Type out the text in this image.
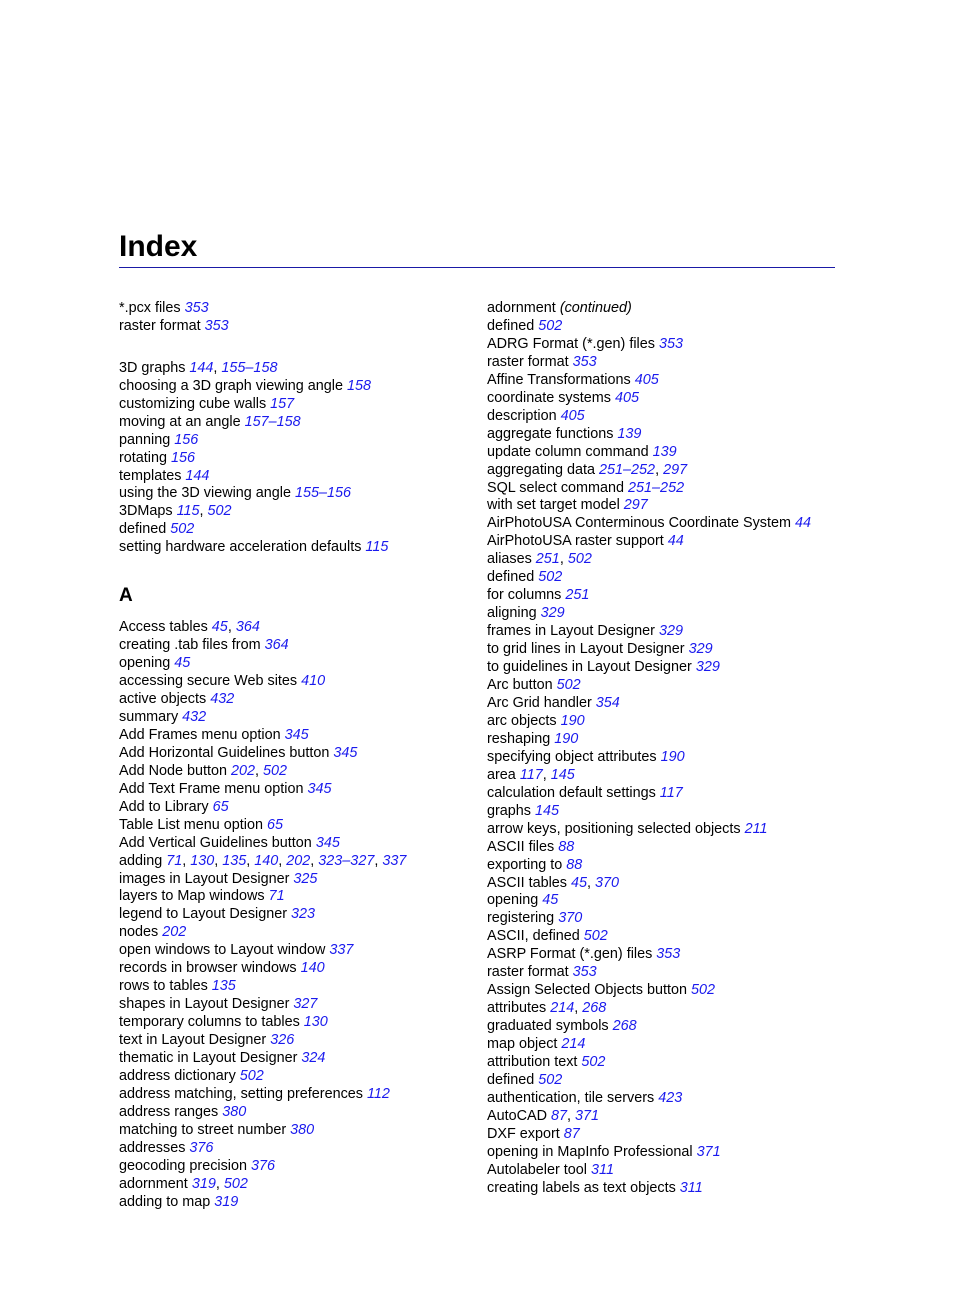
Index
*.pcx files 353
raster format 353
3D graphs 144, 155–158
choosing a 3D graph viewing angle 158
customizing cube walls 157
moving at an angle 157–158
panning 156
rotating 156
templates 144
using the 3D viewing angle 155–156
3DMaps 115, 502
defined 502
setting hardware acceleration defaults 115
A
Access tables 45, 364
creating .tab files from 364
opening 45
accessing secure Web sites 410
active objects 432
summary 432
Add Frames menu option 345
Add Horizontal Guidelines button 345
Add Node button 202, 502
Add Text Frame menu option 345
Add to Library 65
Table List menu option 65
Add Vertical Guidelines button 345
adding 71, 130, 135, 140, 202, 323–327, 337
images in Layout Designer 325
layers to Map windows 71
legend to Layout Designer 323
nodes 202
open windows to Layout window 337
records in browser windows 140
rows to tables 135
shapes in Layout Designer 327
temporary columns to tables 130
text in Layout Designer 326
thematic in Layout Designer 324
address dictionary 502
address matching, setting preferences 112
address ranges 380
matching to street number 380
addresses 376
geocoding precision 376
adornment 319, 502
adding to map 319
adornment (continued)
defined 502
ADRG Format (*.gen) files 353
raster format 353
Affine Transformations 405
coordinate systems 405
description 405
aggregate functions 139
update column command 139
aggregating data 251–252, 297
SQL select command 251–252
with set target model 297
AirPhotoUSA Conterminous Coordinate System 44
AirPhotoUSA raster support 44
aliases 251, 502
defined 502
for columns 251
aligning 329
frames in Layout Designer 329
to grid lines in Layout Designer 329
to guidelines in Layout Designer 329
Arc button 502
Arc Grid handler 354
arc objects 190
reshaping 190
specifying object attributes 190
area 117, 145
calculation default settings 117
graphs 145
arrow keys, positioning selected objects 211
ASCII files 88
exporting to 88
ASCII tables 45, 370
opening 45
registering 370
ASCII, defined 502
ASRP Format (*.gen) files 353
raster format 353
Assign Selected Objects button 502
attributes 214, 268
graduated symbols 268
map object 214
attribution text 502
defined 502
authentication, tile servers 423
AutoCAD 87, 371
DXF export 87
opening in MapInfo Professional 371
Autolabeler tool 311
creating labels as text objects 311
